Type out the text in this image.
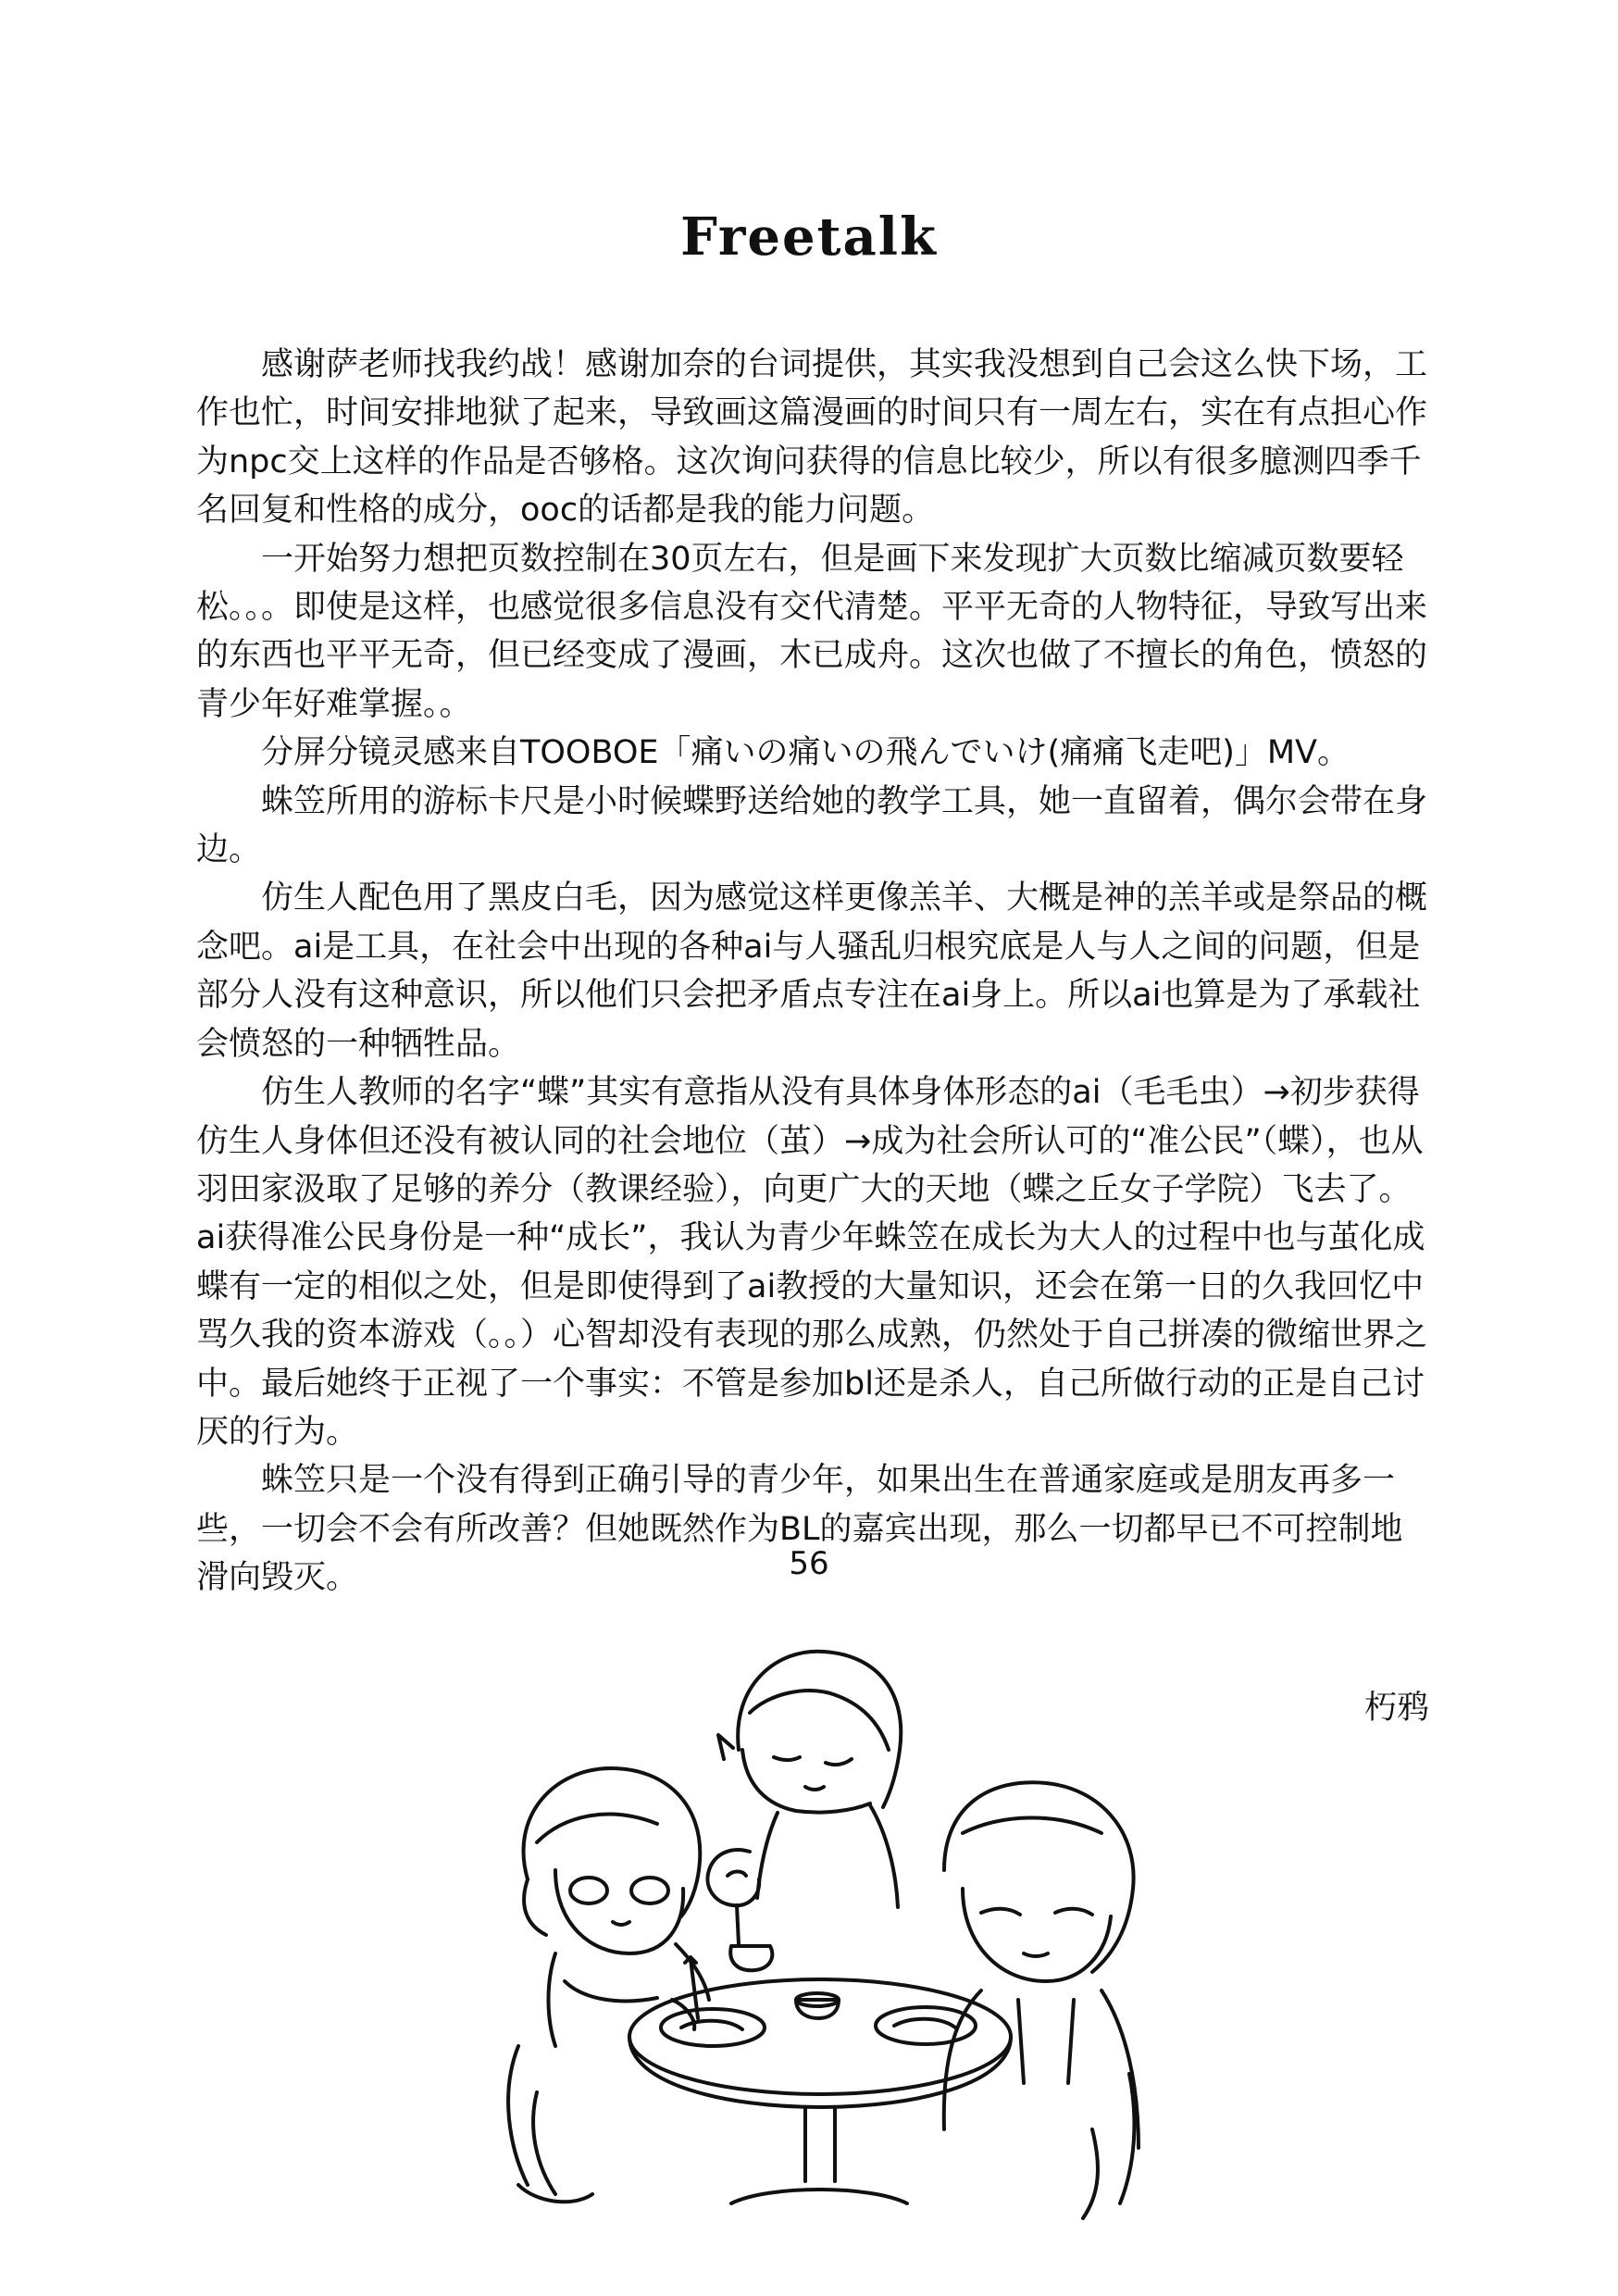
Freetalk

感谢萨老师找我约战！感谢加奈的台词提供，其实我没想到自己会这么快下场，工作也忙，时间安排地狱了起来，导致画这篇漫画的时间只有一周左右，实在有点担心作为npc交上这样的作品是否够格。这次询问获得的信息比较少，所以有很多臆测四季千名回复和性格的成分，ooc的话都是我的能力问题。

一开始努力想把页数控制在30页左右，但是画下来发现扩大页数比缩减页数要轻松。。。即使是这样，也感觉很多信息没有交代清楚。平平无奇的人物特征，导致写出来的东西也平平无奇，但已经变成了漫画，木已成舟。这次也做了不擅长的角色，愤怒的青少年好难掌握。。

分屏分镜灵感来自TOOBOE「痛いの痛いの飛んでいけ(痛痛飞走吧)」MV。

蛛笠所用的游标卡尺是小时候蝶野送给她的教学工具，她一直留着，偶尔会带在身边。

仿生人配色用了黑皮白毛，因为感觉这样更像羔羊、大概是神的羔羊或是祭品的概念吧。ai是工具，在社会中出现的各种ai与人骚乱归根究底是人与人之间的问题，但是部分人没有这种意识，所以他们只会把矛盾点专注在ai身上。所以ai也算是为了承载社会愤怒的一种牺牲品。

仿生人教师的名字“蝶”其实有意指从没有具体身体形态的ai（毛毛虫）→初步获得仿生人身体但还没有被认同的社会地位（茧）→成为社会所认可的“准公民”（蝶），也从羽田家汲取了足够的养分（教课经验），向更广大的天地（蝶之丘女子学院）飞去了。ai获得准公民身份是一种“成长”，我认为青少年蛛笠在成长为大人的过程中也与茧化成蝶有一定的相似之处，但是即使得到了ai教授的大量知识，还会在第一日的久我回忆中骂久我的资本游戏（。。）心智却没有表现的那么成熟，仍然处于自己拼凑的微缩世界之中。最后她终于正视了一个事实：不管是参加bl还是杀人，自己所做行动的正是自己讨厌的行为。

蛛笠只是一个没有得到正确引导的青少年，如果出生在普通家庭或是朋友再多一些，一切会不会有所改善？但她既然作为BL的嘉宾出现，那么一切都早已不可控制地滑向毁灭。

朽鸦
56
